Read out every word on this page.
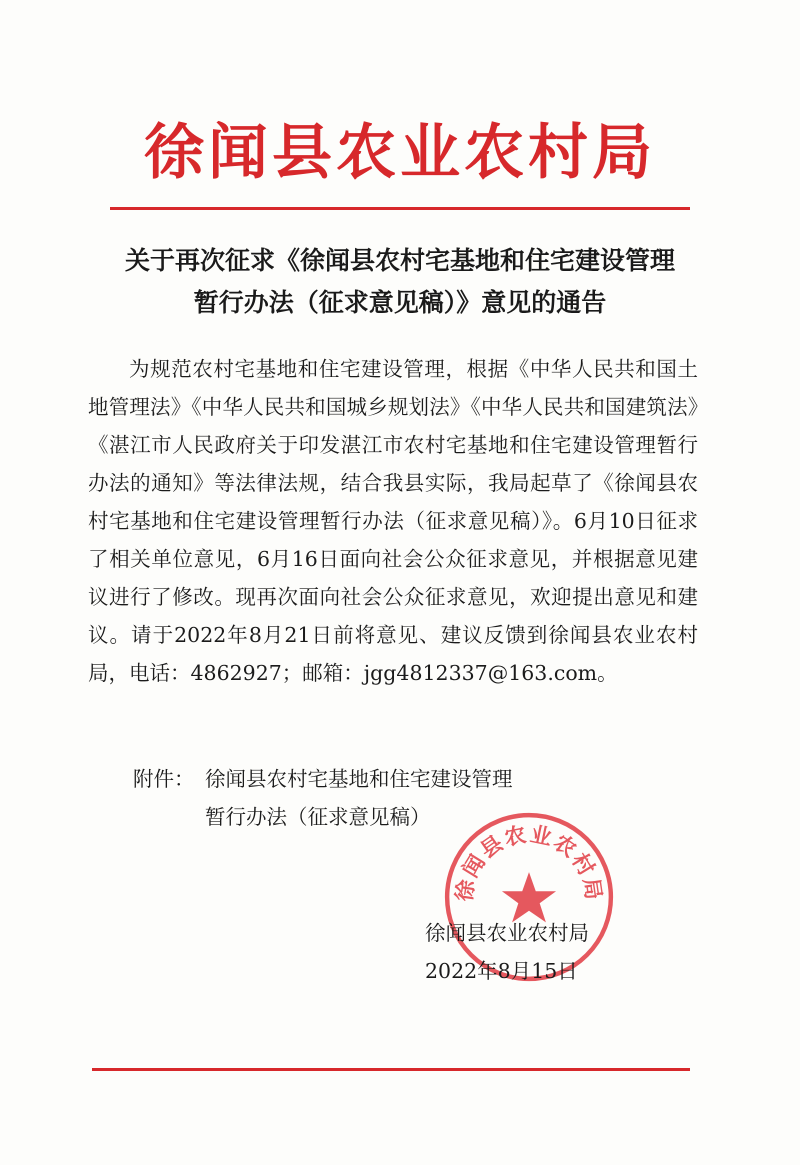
徐闻县农业农村局
关于再次征求《徐闻县农村宅基地和住宅建设管理
暂行办法（征求意见稿）》意见的通告
为规范农村宅基地和住宅建设管理，根据《中华人民共和国土地管理法》《中华人民共和国城乡规划法》《中华人民共和国建筑法》《湛江市人民政府关于印发湛江市农村宅基地和住宅建设管理暂行办法的通知》等法律法规，结合我县实际，我局起草了《徐闻县农村宅基地和住宅建设管理暂行办法（征求意见稿）》。6月10日征求了相关单位意见，6月16日面向社会公众征求意见，并根据意见建议进行了修改。现再次面向社会公众征求意见，欢迎提出意见和建议。请于2022年8月21日前将意见、建议反馈到徐闻县农业农村局，电话：4862927；邮箱：jgg4812337@163.com。
附件： 徐闻县农村宅基地和住宅建设管理
暂行办法（征求意见稿）
徐闻县农业农村局
徐闻县农业农村局
2022年8月15日
